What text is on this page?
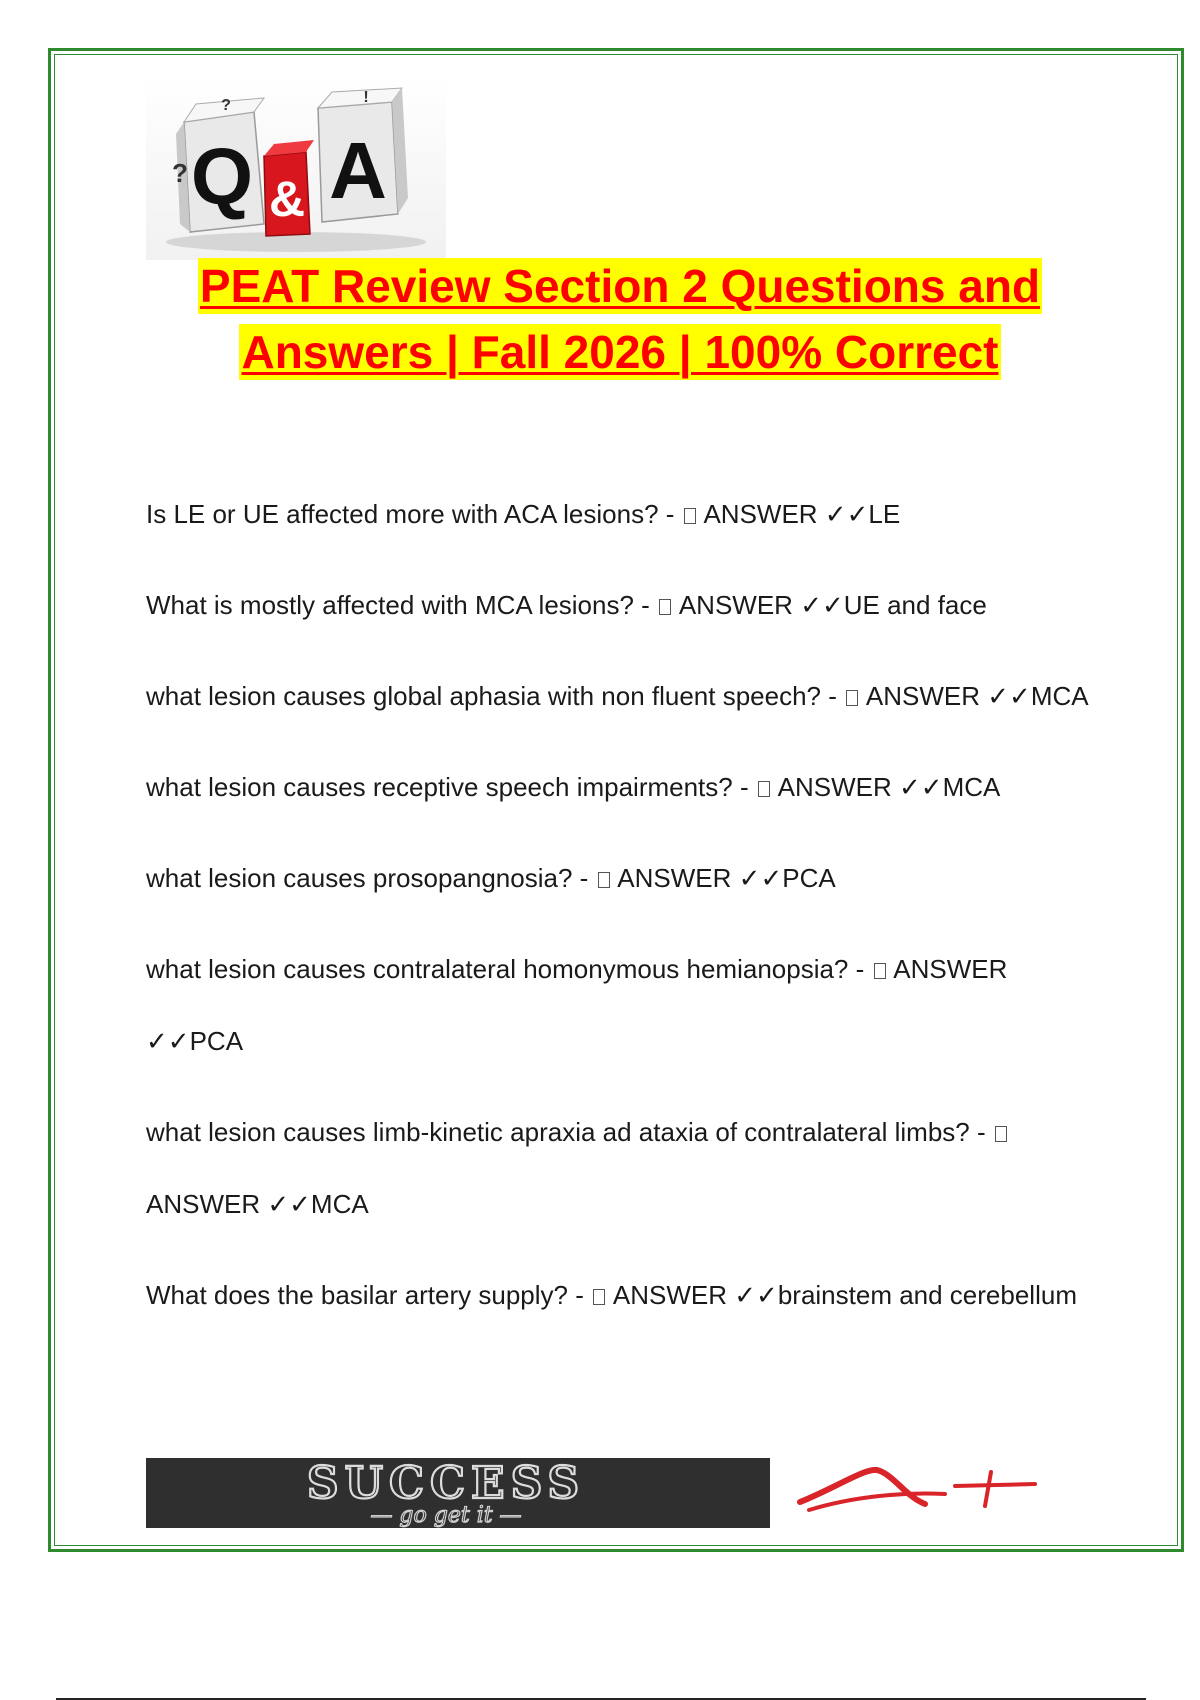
Q
?
? & A
!
PEAT Review Section 2 Questions and
Answers | Fall 2026 | 100% Correct
Is LE or UE affected more with ACA lesions? -  ANSWER ✓✓LE
What is mostly affected with MCA lesions? -  ANSWER ✓✓UE and face
what lesion causes global aphasia with non fluent speech? -  ANSWER ✓✓MCA
what lesion causes receptive speech impairments? -  ANSWER ✓✓MCA
what lesion causes prosopangnosia? -  ANSWER ✓✓PCA
what lesion causes contralateral homonymous hemianopsia? -  ANSWER ✓✓PCA
what lesion causes limb-kinetic apraxia ad ataxia of contralateral limbs? -  ANSWER ✓✓MCA
What does the basilar artery supply? -  ANSWER ✓✓brainstem and cerebellum
SUCCESS
— go get it —	A+
